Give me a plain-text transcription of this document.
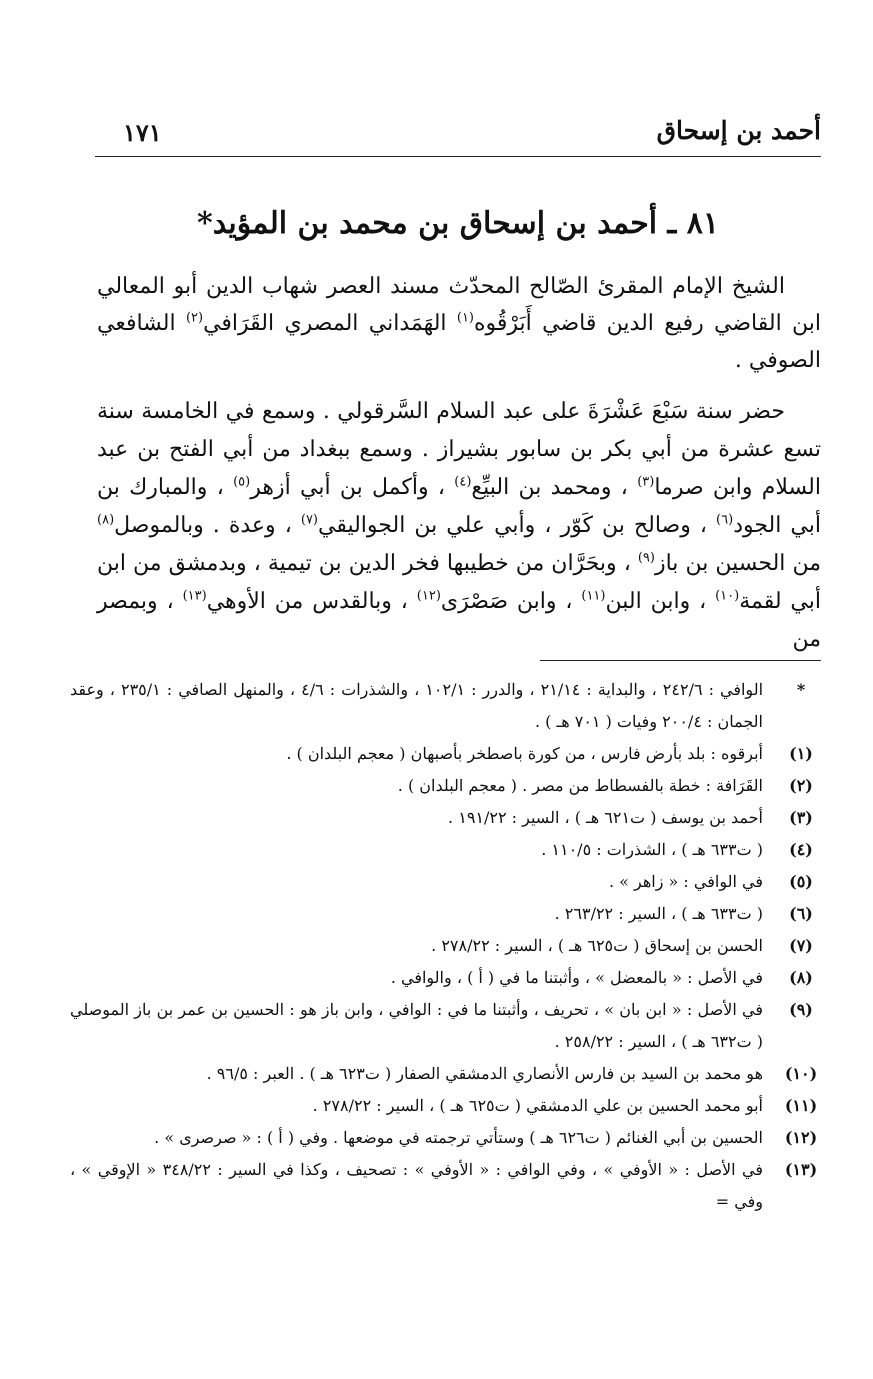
أحمد بن إسحاق
١٧١
٨١ ـ أحمد بن إسحاق بن محمد بن المؤيد*

الشيخ الإمام المقرئ الصّالح المحدّث مسند العصر شهاب الدين أبو المعالي ابن القاضي رفيع الدين قاضي أَبَرْقُوه$^{(١)}$ الهَمَداني المصري القَرَافي$^{(٢)}$ الشافعي الصوفي .

حضر سنة سَبْعَ عَشْرَةَ على عبد السلام السَّرقولي . وسمع في الخامسة سنة تسع عشرة من أبي بكر بن سابور بشيراز . وسمع ببغداد من أبي الفتح بن عبد السلام وابن صرما$^{(٣)}$ ، ومحمد بن البيِّع$^{(٤)}$ ، وأكمل بن أبي أزهر$^{(٥)}$ ، والمبارك بن أبي الجود$^{(٦)}$ ، وصالح بن كَوّر ، وأبي علي بن الجواليقي$^{(٧)}$ ، وعدة . وبالموصل$^{(٨)}$ من الحسين بن باز$^{(٩)}$ ، وبحَرَّان من خطيبها فخر الدين بن تيمية ، وبدمشق من ابن أبي لقمة$^{(١٠)}$ ، وابن البن$^{(١١)}$ ، وابن صَصْرَى$^{(١٢)}$ ، وبالقدس من الأوهي$^{(١٣)}$ ، وبمصر من

*
الوافي : ٢٤٢/٦ ، والبداية : ٢١/١٤ ، والدرر : ١٠٢/١ ، والشذرات : ٤/٦ ، والمنهل الصافي : ٢٣٥/١ ، وعقد الجمان : ٢٠٠/٤ وفيات ( ٧٠١ هـ ) .
(١)
أبرقوه : بلد بأرض فارس ، من كورة باصطخر بأصبهان ( معجم البلدان ) .
(٢)
القَرَافة : خطة بالفسطاط من مصر . ( معجم البلدان ) .
(٣)
أحمد بن يوسف ( ت٦٢١ هـ ) ، السير : ١٩١/٢٢ .
(٤)
( ت٦٣٣ هـ ) ، الشذرات : ١١٠/٥ .
(٥)
في الوافي : « زاهر » .
(٦)
( ت٦٣٣ هـ ) ، السير : ٢٦٣/٢٢ .
(٧)
الحسن بن إسحاق ( ت٦٢٥ هـ ) ، السير : ٢٧٨/٢٢ .
(٨)
في الأصل : « بالمعضل » ، وأثبتنا ما في ( أ ) ، والوافي .
(٩)
في الأصل : « ابن بان » ، تحريف ، وأثبتنا ما في : الوافي ، وابن باز هو : الحسين بن عمر بن باز الموصلي ( ت٦٣٢ هـ ) ، السير : ٢٥٨/٢٢ .
(١٠)
هو محمد بن السيد بن فارس الأنصاري الدمشقي الصفار ( ت٦٢٣ هـ ) . العبر : ٩٦/٥ .
(١١)
أبو محمد الحسين بن علي الدمشقي ( ت٦٢٥ هـ ) ، السير : ٢٧٨/٢٢ .
(١٢)
الحسين بن أبي الغنائم ( ت٦٢٦ هـ ) وستأتي ترجمته في موضعها . وفي ( أ ) : « صرصرى » .
(١٣)
في الأصل : « الأوفي » ، وفي الوافي : « الأوفي » : تصحيف ، وكذا في السير : ٣٤٨/٢٢ « الإوقي » ، وفي =
